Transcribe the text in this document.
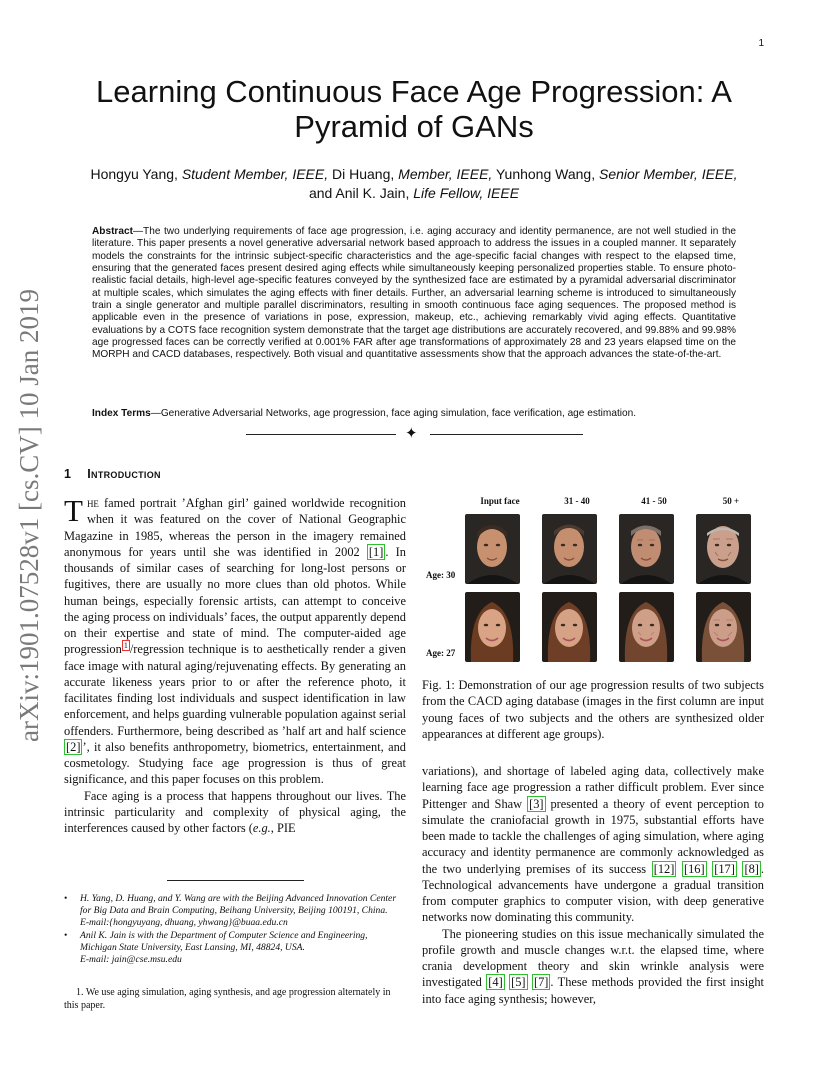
1
arXiv:1901.07528v1 [cs.CV] 10 Jan 2019
Learning Continuous Face Age Progression: A Pyramid of GANs
Hongyu Yang, Student Member, IEEE, Di Huang, Member, IEEE, Yunhong Wang, Senior Member, IEEE,
and Anil K. Jain, Life Fellow, IEEE
Abstract—The two underlying requirements of face age progression, i.e. aging accuracy and identity permanence, are not well studied in the literature. This paper presents a novel generative adversarial network based approach to address the issues in a coupled manner. It separately models the constraints for the intrinsic subject-specific characteristics and the age-specific facial changes with respect to the elapsed time, ensuring that the generated faces present desired aging effects while simultaneously keeping personalized properties stable. To ensure photo-realistic facial details, high-level age-specific features conveyed by the synthesized face are estimated by a pyramidal adversarial discriminator at multiple scales, which simulates the aging effects with finer details. Further, an adversarial learning scheme is introduced to simultaneously train a single generator and multiple parallel discriminators, resulting in smooth continuous face aging sequences. The proposed method is applicable even in the presence of variations in pose, expression, makeup, etc., achieving remarkably vivid aging effects. Quantitative evaluations by a COTS face recognition system demonstrate that the target age distributions are accurately recovered, and 99.88% and 99.98% age progressed faces can be correctly verified at 0.001% FAR after age transformations of approximately 28 and 23 years elapsed time on the MORPH and CACD databases, respectively. Both visual and quantitative assessments show that the approach advances the state-of-the-art.
Index Terms—Generative Adversarial Networks, age progression, face aging simulation, face verification, age estimation.
✦
1 Introduction

The famed portrait ’Afghan girl’ gained worldwide recognition when it was featured on the cover of National Geographic Magazine in 1985, whereas the person in the imagery remained anonymous for years until she was identified in 2002 [1] . In thousands of similar cases of searching for long-lost persons or fugitives, there are usually no more clues than old photos. While human beings, especially forensic artists, can attempt to conceive the aging process on individuals’ faces, the output apparently depend on their expertise and state of mind. The computer-aided age progression $^1$ /regression technique is to aesthetically render a given face image with natural aging/rejuvenating effects. By generating an accurate likeness years prior to or after the reference photo, it facilitates finding lost individuals and suspect identification in law enforcement, and helps guarding vulnerable population against serial offenders. Furthermore, being described as ’half art and half science [2] ’, it also benefits anthropometry, biometrics, entertainment, and cosmetology. Studying face age progression is thus of great significance, and this paper focuses on this problem.

Face aging is a process that happens throughout our lives. The intrinsic particularity and complexity of physical aging, the interferences caused by other factors (e.g., PIE

• H. Yang, D. Huang, and Y. Wang are with the Beijing Advanced Innovation Center for Big Data and Brain Computing, Beihang University, Beijing 100191, China.
E-mail:{hongyuyang, dhuang, yhwang}@buaa.edu.cn
• Anil K. Jain is with the Department of Computer Science and Engineering, Michigan State University, East Lansing, MI, 48824, USA.
E-mail: jain@cse.msu.edu
1. We use aging simulation, aging synthesis, and age progression alternately in this paper.
Input face	31 - 40	41 - 50	50 +
Age: 30
Age: 27
Fig. 1: Demonstration of our age progression results of two subjects from the CACD aging database (images in the first column are input young faces of two subjects and the others are synthesized older appearances at different age groups).

variations), and shortage of labeled aging data, collectively make learning face age progression a rather difficult problem. Ever since Pittenger and Shaw [3] presented a theory of event perception to simulate the craniofacial growth in 1975, substantial efforts have been made to tackle the challenges of aging simulation, where aging accuracy and identity permanence are commonly acknowledged as the two underlying premises of its success [12] [16] [17] [8] . Technological advancements have undergone a gradual transition from computer graphics to computer vision, with deep generative networks now dominating this community.

The pioneering studies on this issue mechanically simulated the profile growth and muscle changes w.r.t. the elapsed time, where crania development theory and skin wrinkle analysis were investigated [4] [5] [7] . These methods provided the first insight into face aging synthesis; however,
